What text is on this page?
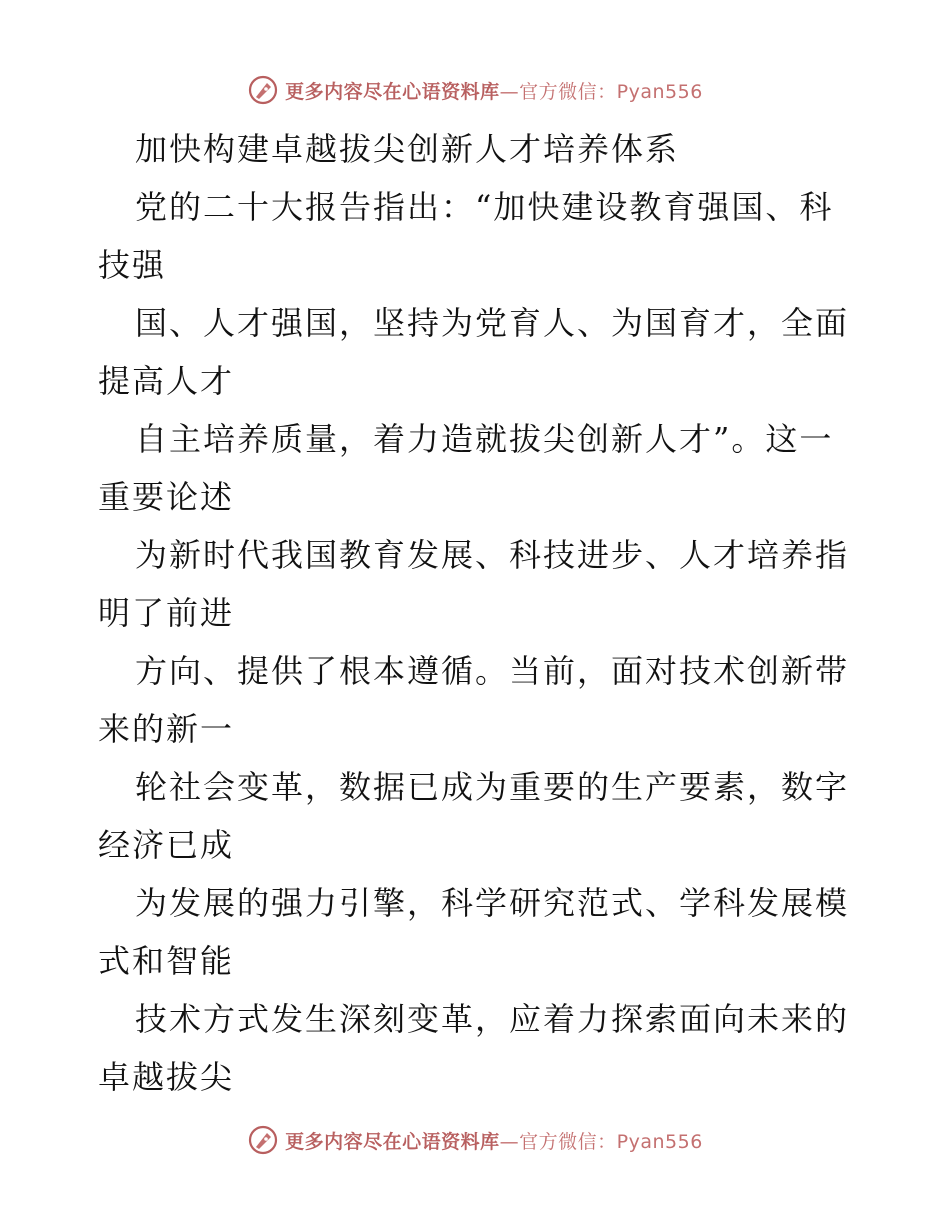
更多内容尽在心语资料库—官方微信：Pyan556
加快构建卓越拔尖创新人才培养体系
党的二十大报告指出：“加快建设教育强国、科
技强
国、人才强国，坚持为党育人、为国育才，全面
提高人才
自主培养质量，着力造就拔尖创新人才”。这一
重要论述
为新时代我国教育发展、科技进步、人才培养指
明了前进
方向、提供了根本遵循。当前，面对技术创新带
来的新一
轮社会变革，数据已成为重要的生产要素，数字
经济已成
为发展的强力引擎，科学研究范式、学科发展模
式和智能
技术方式发生深刻变革，应着力探索面向未来的
卓越拔尖
更多内容尽在心语资料库—官方微信：Pyan556
